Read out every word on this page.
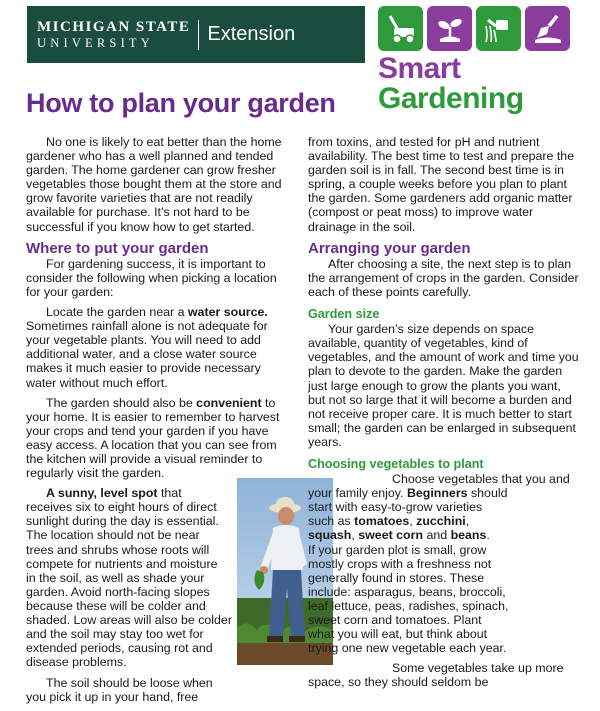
MICHIGAN STATE
UNIVERSITY	Extension
Smart Gardening
How to plan your garden

No one is likely to eat better than the home gardener who has a well planned and tended garden. The home gardener can grow fresher vegetables those bought them at the store and grow favorite varieties that are not readily available for purchase. It’s not hard to be successful if you know how to get started.

Where to put your garden

For gardening success, it is important to consider the following when picking a location for your garden:

Locate the garden near a water source. Sometimes rainfall alone is not adequate for your vegetable plants. You will need to add additional water, and a close water source makes it much easier to provide necessary water without much effort.

The garden should also be convenient to your home. It is easier to remember to harvest your crops and tend your garden if you have easy access. A location that you can see from the kitchen will provide a visual reminder to regularly visit the garden.

A sunny, level spot that
receives six to eight hours of direct
sunlight during the day is essential.
The location should not be near
trees and shrubs whose roots will
compete for nutrients and moisture
in the soil, as well as shade your
garden. Avoid north-facing slopes
because these will be colder and
shaded. Low areas will also be colder
and the soil may stay too wet for
extended periods, causing rot and
disease problems.

The soil should be loose when
you pick it up in your hand, free

from toxins, and tested for pH and nutrient availability. The best time to test and prepare the garden soil is in fall. The second best time is in spring, a couple weeks before you plan to plant the garden. Some gardeners add organic matter (compost or peat moss) to improve water drainage in the soil.

Arranging your garden

After choosing a site, the next step is to plan the arrangement of crops in the garden. Consider each of these points carefully.

Garden size

Your garden’s size depends on space available, quantity of vegetables, kind of vegetables, and the amount of work and time you plan to devote to the garden. Make the garden just large enough to grow the plants you want, but not so large that it will become a burden and not receive proper care. It is much better to start small; the garden can be enlarged in subsequent years.

Choosing vegetables to plant

Choose vegetables that you and
your family enjoy. Beginners should
start with easy-to-grow varieties
such as tomatoes, zucchini,
squash, sweet corn and beans.
If your garden plot is small, grow
mostly crops with a freshness not
generally found in stores. These
include: asparagus, beans, broccoli,
leaf lettuce, peas, radishes, spinach,
sweet corn and tomatoes. Plant
what you will eat, but think about
trying one new vegetable each year.

Some vegetables take up more
space, so they should seldom be
